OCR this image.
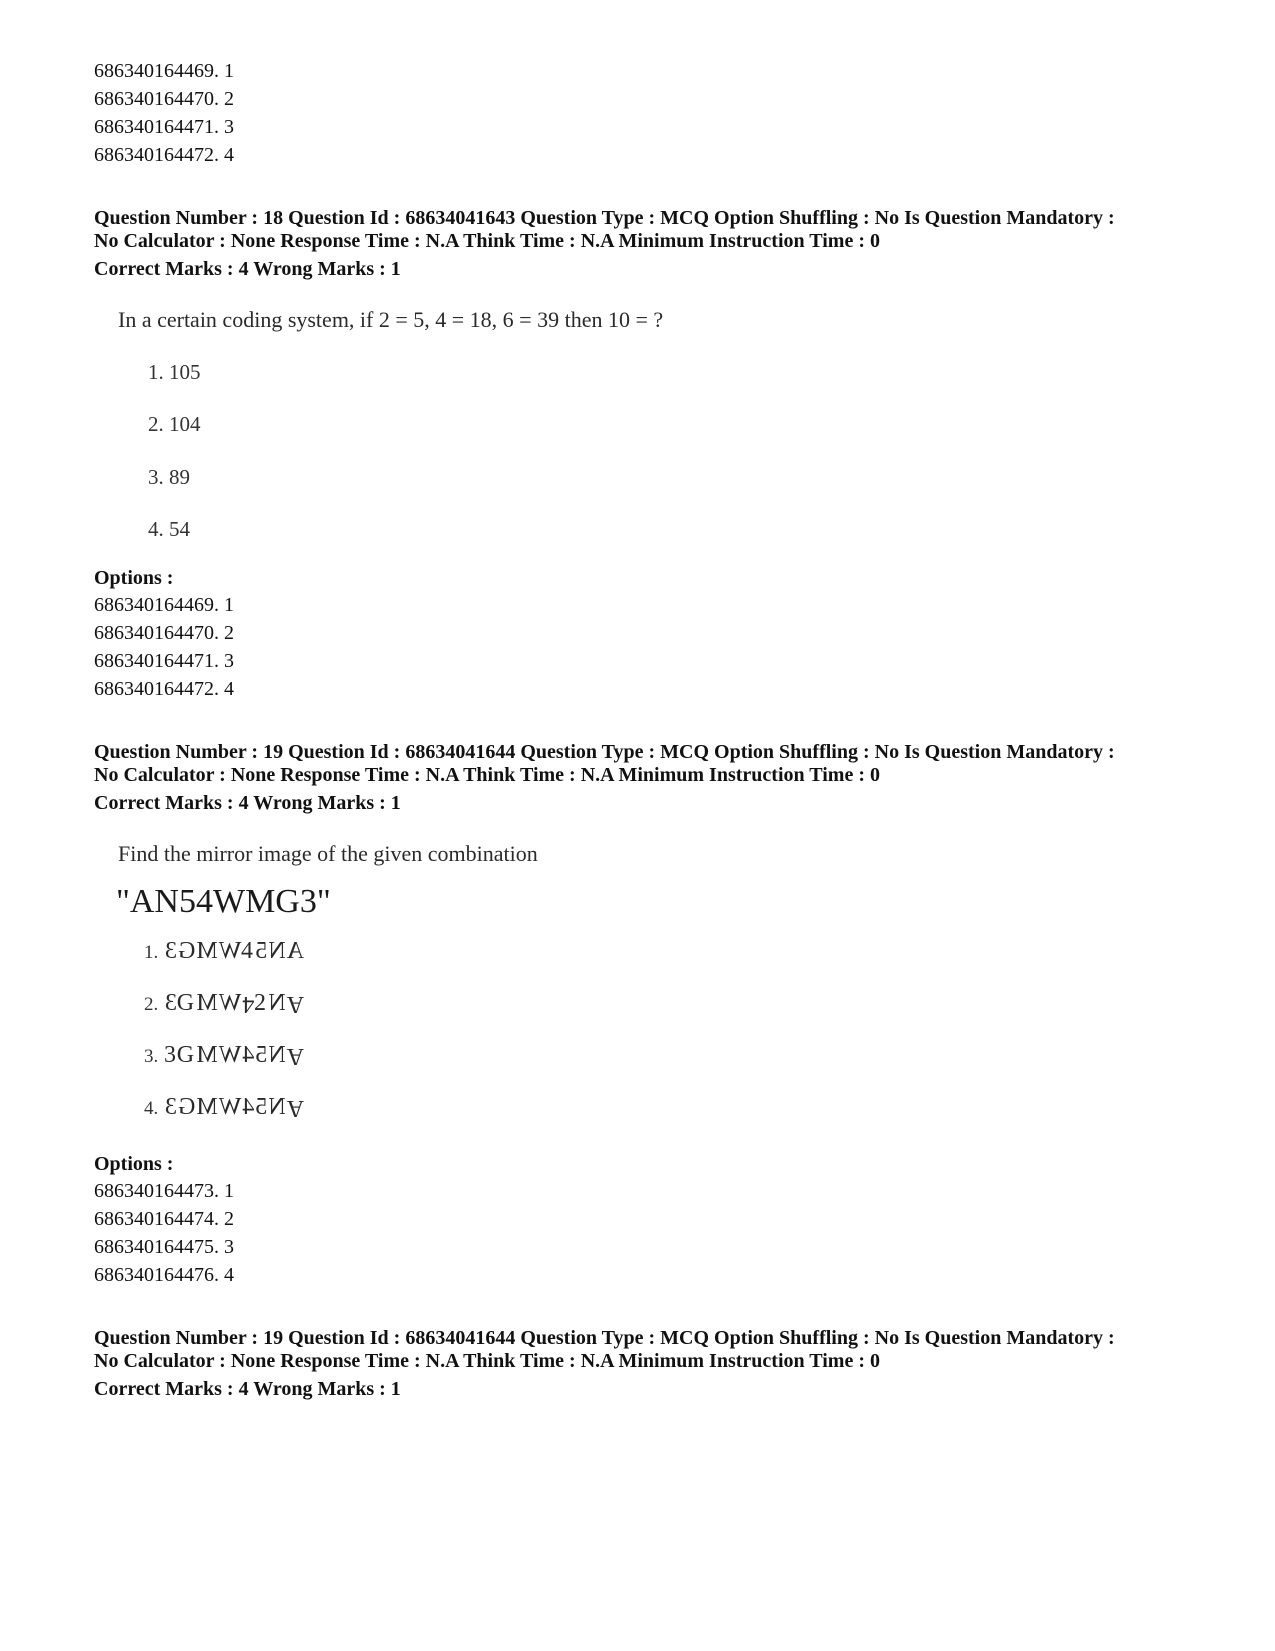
686340164469. 1
686340164470. 2
686340164471. 3
686340164472. 4
Question Number : 18 Question Id : 68634041643 Question Type : MCQ Option Shuffling : No Is Question Mandatory :
No Calculator : None Response Time : N.A Think Time : N.A Minimum Instruction Time : 0
Correct Marks : 4 Wrong Marks : 1
In a certain coding system, if 2 = 5, 4 = 18, 6 = 39 then 10 = ?
1. 105
2. 104
3. 89
4. 54
Options :
686340164469. 1
686340164470. 2
686340164471. 3
686340164472. 4
Question Number : 19 Question Id : 68634041644 Question Type : MCQ Option Shuffling : No Is Question Mandatory :
No Calculator : None Response Time : N.A Think Time : N.A Minimum Instruction Time : 0
Correct Marks : 4 Wrong Marks : 1
Find the mirror image of the given combination
"AN54WMG3"
1.	AN54WMG3
2.	AN24WMG3
3.	AN54WMG3
4.	AN54WMG3
Options :
686340164473. 1
686340164474. 2
686340164475. 3
686340164476. 4
Question Number : 19 Question Id : 68634041644 Question Type : MCQ Option Shuffling : No Is Question Mandatory :
No Calculator : None Response Time : N.A Think Time : N.A Minimum Instruction Time : 0
Correct Marks : 4 Wrong Marks : 1
